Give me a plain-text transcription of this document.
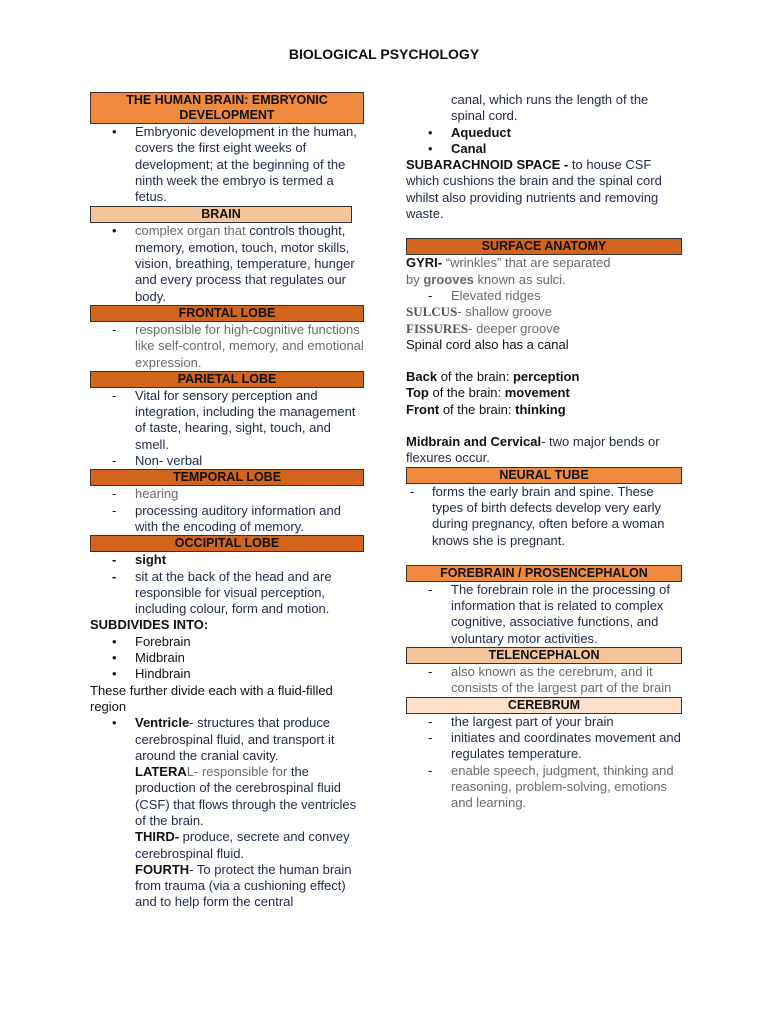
BIOLOGICAL PSYCHOLOGY
THE HUMAN BRAIN: EMBRYONIC DEVELOPMENT
• Embryonic development in the human, covers the first eight weeks of development; at the beginning of the ninth week the embryo is termed a fetus.
BRAIN
• complex organ that controls thought, memory, emotion, touch, motor skills, vision, breathing, temperature, hunger and every process that regulates our body.
FRONTAL LOBE
- responsible for high-cognitive functions like self-control, memory, and emotional expression.
PARIETAL LOBE
- Vital for sensory perception and integration, including the management of taste, hearing, sight, touch, and smell.
- Non- verbal
TEMPORAL LOBE
- hearing
- processing auditory information and with the encoding of memory.
OCCIPITAL LOBE
- sight
- sit at the back of the head and are responsible for visual perception, including colour, form and motion.

SUBDIVIDES INTO:

• Forebrain
• Midbrain
• Hindbrain

These further divide each with a fluid-filled region

• Ventricle- structures that produce cerebrospinal fluid, and transport it around the cranial cavity.
LATERAL- responsible for the production of the cerebrospinal fluid (CSF) that flows through the ventricles of the brain.
THIRD- produce, secrete and convey cerebrospinal fluid.
FOURTH- To protect the human brain from trauma (via a cushioning effect) and to help form the central
canal, which runs the length of the spinal cord.
• Aqueduct
• Canal

SUBARACHNOID SPACE - to house CSF which cushions the brain and the spinal cord whilst also providing nutrients and removing waste.

SURFACE ANATOMY

GYRI- “wrinkles” that are separated

by grooves known as sulci.

- Elevated ridges

SULCUS- shallow groove

FISSURES- deeper groove

Spinal cord also has a canal

Back of the brain: perception

Top of the brain: movement

Front of the brain: thinking

Midbrain and Cervical- two major bends or flexures occur.

NEURAL TUBE
- forms the early brain and spine. These types of birth defects develop very early during pregnancy, often before a woman knows she is pregnant.
FOREBRAIN / PROSENCEPHALON
- The forebrain role in the processing of information that is related to complex cognitive, associative functions, and voluntary motor activities.
TELENCEPHALON
- also known as the cerebrum, and it consists of the largest part of the brain
CEREBRUM
- the largest part of your brain
- initiates and coordinates movement and regulates temperature.
- enable speech, judgment, thinking and reasoning, problem-solving, emotions and learning.
